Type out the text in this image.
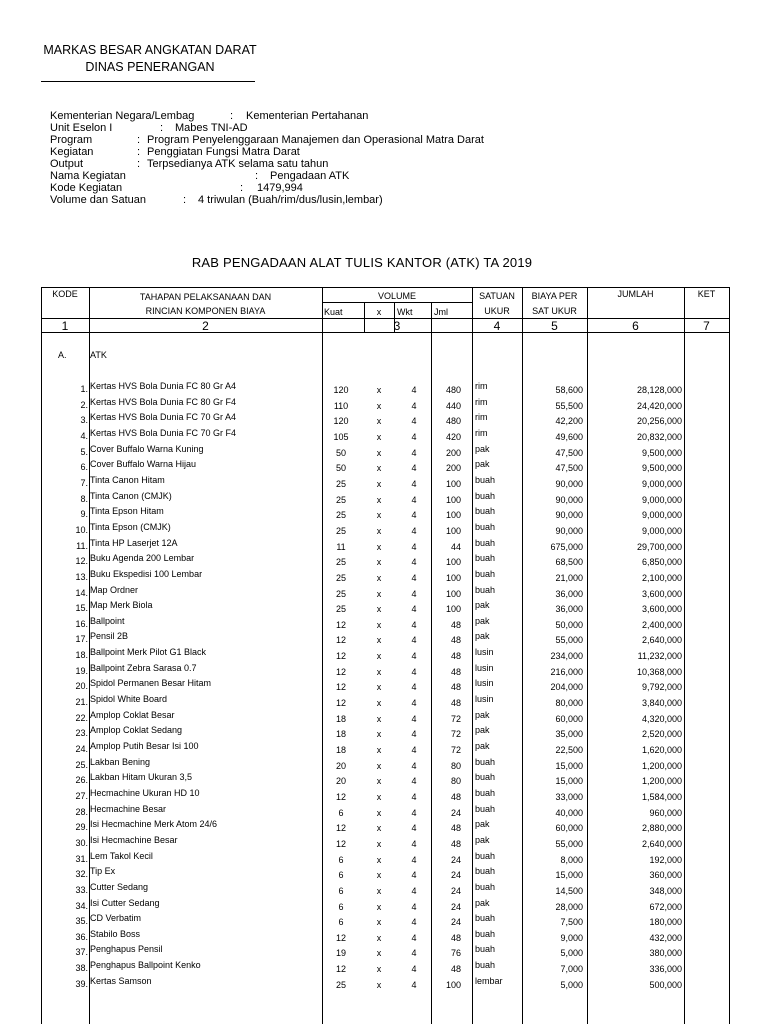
MARKAS BESAR ANGKATAN DARAT
DINAS PENERANGAN
Kementerian Negara/Lembag	: Kementerian Pertahanan
Unit Eselon I	: Mabes TNI-AD
Program	: Program Penyelenggaraan Manajemen dan Operasional Matra Darat
Kegiatan	: Penggiatan Fungsi Matra Darat
Output	: Terpsedianya ATK selama satu tahun
Nama Kegiatan	: Pengadaan ATK
Kode Kegiatan	: 1479,994
Volume dan Satuan	: 4 triwulan (Buah/rim/dus/lusin,lembar)
RAB PENGADAAN ALAT TULIS KANTOR (ATK) TA 2019
KODE	TAHAPAN PELAKSANAAN DAN
RINCIAN KOMPONEN BIAYA
VOLUME
Kuat	x	Wkt Jml
SATUAN
UKUR
BIAYA PER
SAT UKUR
JUMLAH	KET
1	2	3	4	5	6	7
A.	ATK
1. Kertas HVS Bola Dunia FC 80 Gr A4	120	x	4	480 rim	58,600	28,128,000
2. Kertas HVS Bola Dunia FC 80 Gr F4	110	x	4	440 rim	55,500	24,420,000
3. Kertas HVS Bola Dunia FC 70 Gr A4	120	x	4	480 rim	42,200	20,256,000
4. Kertas HVS Bola Dunia FC 70 Gr F4	105	x	4	420 rim	49,600	20,832,000
5. Cover Buffalo Warna Kuning	50	x	4	200 pak	47,500	9,500,000
6. Cover Buffalo Warna Hijau	50	x	4	200 pak	47,500	9,500,000
7. Tinta Canon Hitam	25	x	4	100 buah	90,000	9,000,000
8. Tinta Canon (CMJK)	25	x	4	100 buah	90,000	9,000,000
9. Tinta Epson Hitam	25	x	4	100 buah	90,000	9,000,000
10. Tinta Epson (CMJK)	25	x	4	100 buah	90,000	9,000,000
11. Tinta HP Laserjet 12A	11	x	4	44 buah	675,000	29,700,000
12. Buku Agenda 200 Lembar	25	x	4	100 buah	68,500	6,850,000
13. Buku Ekspedisi 100 Lembar	25	x	4	100 buah	21,000	2,100,000
14. Map Ordner	25	x	4	100 buah	36,000	3,600,000
15. Map Merk Biola	25	x	4	100 pak	36,000	3,600,000
16. Ballpoint	12	x	4	48 pak	50,000	2,400,000
17. Pensil 2B	12	x	4	48 pak	55,000	2,640,000
18. Ballpoint Merk Pilot G1 Black	12	x	4	48 lusin	234,000	11,232,000
19. Ballpoint Zebra Sarasa 0.7	12	x	4	48 lusin	216,000	10,368,000
20. Spidol Permanen Besar Hitam	12	x	4	48 lusin	204,000	9,792,000
21. Spidol White Board	12	x	4	48 lusin	80,000	3,840,000
22. Amplop Coklat Besar	18	x	4	72 pak	60,000	4,320,000
23. Amplop Coklat Sedang	18	x	4	72 pak	35,000	2,520,000
24. Amplop Putih Besar Isi 100	18	x	4	72 pak	22,500	1,620,000
25. Lakban Bening	20	x	4	80 buah	15,000	1,200,000
26. Lakban Hitam Ukuran 3,5	20	x	4	80 buah	15,000	1,200,000
27. Hecmachine Ukuran HD 10	12	x	4	48 buah	33,000	1,584,000
28. Hecmachine Besar	6	x	4	24 buah	40,000	960,000
29. Isi Hecmachine Merk Atom 24/6	12	x	4	48 pak	60,000	2,880,000
30. Isi Hecmachine Besar	12	x	4	48 pak	55,000	2,640,000
31. Lem Takol Kecil	6	x	4	24 buah	8,000	192,000
32. Tip Ex	6	x	4	24 buah	15,000	360,000
33. Cutter Sedang	6	x	4	24 buah	14,500	348,000
34. Isi Cutter Sedang	6	x	4	24 pak	28,000	672,000
35. CD Verbatim	6	x	4	24 buah	7,500	180,000
36. Stabilo Boss	12	x	4	48 buah	9,000	432,000
37. Penghapus Pensil	19	x	4	76 buah	5,000	380,000
38. Penghapus Ballpoint Kenko	12	x	4	48 buah	7,000	336,000
39. Kertas Samson	25	x	4	100 lembar	5,000	500,000
